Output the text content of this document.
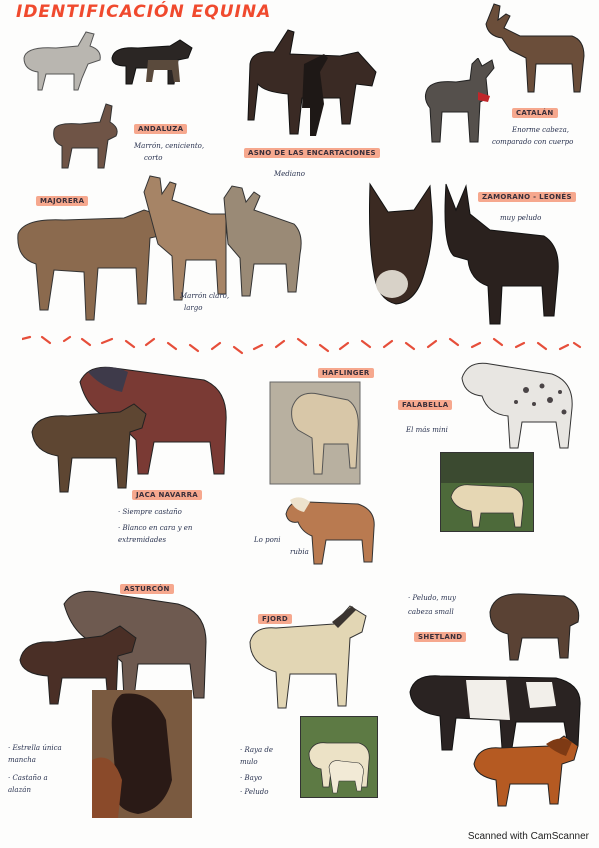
IDENTIFICACIÓN EQUINA
ANDALUZA
Marrón, ceniciento,
corto
ASNO DE LAS ENCARTACIONES
Mediano
CATALÁN
Enorme cabeza,
comparado con cuerpo
MAJORERA
Marrón claro,
largo
ZAMORANO - LEONÉS
muy peludo
JACA NAVARRA
· Siempre castaño
· Blanco en cara y en
extremidades
HAFLINGER
Lo poni
rubia
FALABELLA
El más mini
ASTURCÓN
· Estrella única
mancha
· Castaño a
alazán
FJORD
· Raya de
mulo
· Bayo
· Peludo
· Peludo, muy
cabeza small
SHETLAND
Scanned with CamScanner
